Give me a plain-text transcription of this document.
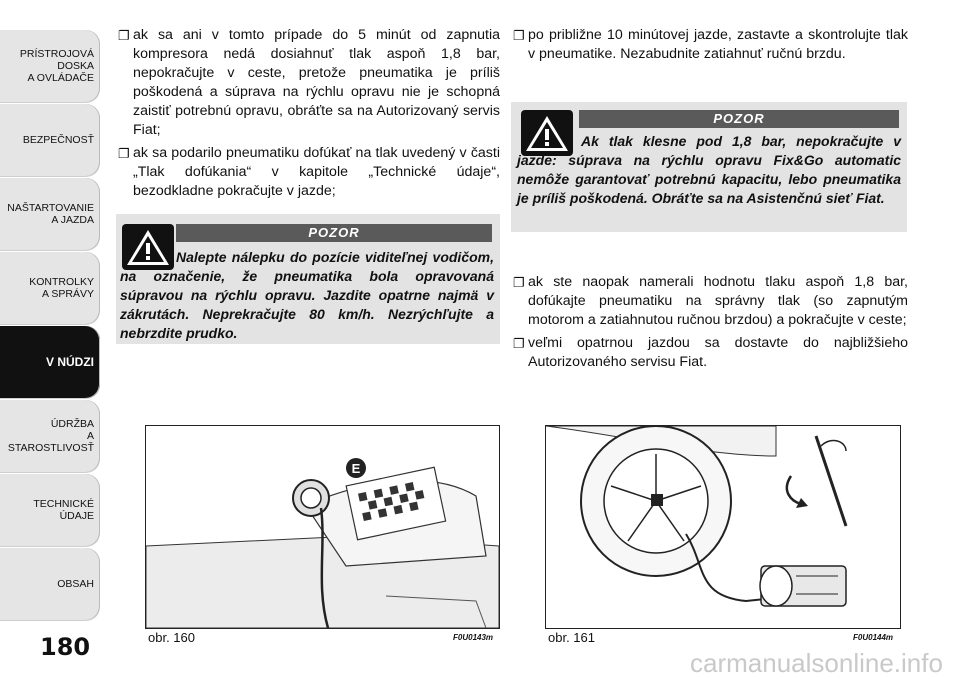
PRÍSTROJOVÁ
DOSKA
A OVLÁDAČE
BEZPEČNOSŤ
NAŠTARTOVANIE
A JAZDA
KONTROLKY
A SPRÁVY
V NÚDZI
ÚDRŽBA
A STAROSTLIVOSŤ
TECHNICKÉ ÚDAJE
OBSAH
180
❐ ak sa ani v tomto prípade do 5 minút od zapnutia kompresora nedá dosiahnuť tlak aspoň 1,8 bar, nepokračujte v ceste, pretože pneumatika je príliš poškodená a súprava na rýchlu opravu nie je schopná zaistiť potrebnú opravu, obráťte sa na Autorizovaný servis Fiat;
❐ ak sa podarilo pneumatiku dofúkať na tlak uvedený v časti „Tlak dofúkania“ v kapitole „Technické údaje“, bezodkladne pokračujte v jazde;
POZOR
Nalepte nálepku do pozície viditeľnej vodičom, na označenie, že pneumatika bola opravovaná súpravou na rýchlu opravu. Jazdite opatrne najmä v zákrutách. Neprekračujte 80 km/h. Nezrýchľujte a nebrzdite prudko.
❐ po približne 10 minútovej jazde, zastavte a skontrolujte tlak v pneumatike. Nezabudnite zatiahnuť ručnú brzdu.
POZOR
Ak tlak klesne pod 1,8 bar, nepokračujte v jazde: súprava na rýchlu opravu Fix&Go automatic nemôže garantovať potrebnú kapacitu, lebo pneumatika je príliš poškodená. Obráťte sa na Asistenčnú sieť Fiat.
❐ ak ste naopak namerali hodnotu tlaku aspoň 1,8 bar, dofúkajte pneumatiku na správny tlak (so zapnutým motorom a zatiahnutou ručnou brzdou) a pokračujte v ceste;
❐ veľmi opatrnou jazdou sa dostavte do najbližšieho Autorizovaného servisu Fiat.
E
obr. 160	F0U0143m	obr. 161	F0U0144m
carmanualsonline.info
